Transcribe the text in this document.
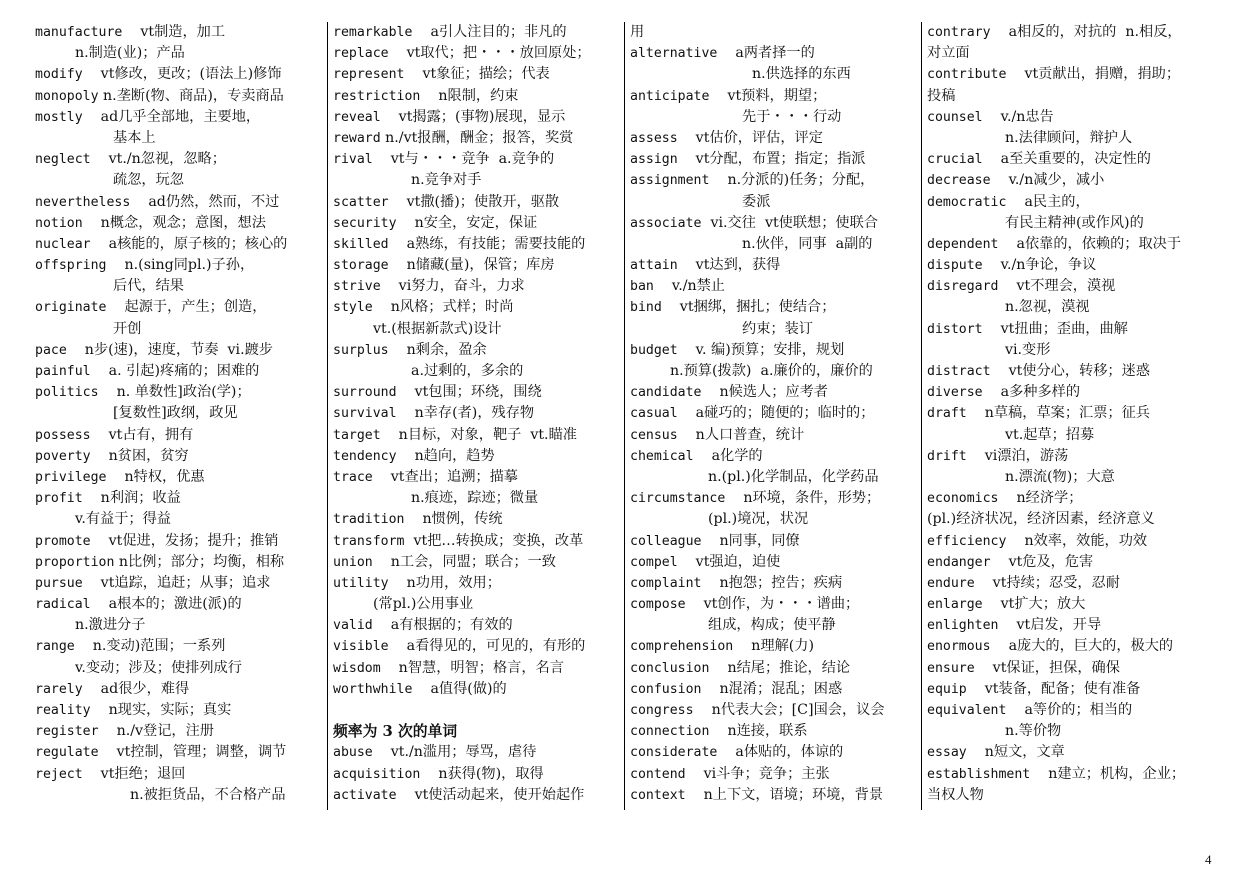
manufacture    vt制造，加工
n.制造(业)；产品
modify    vt修改，更改；(语法上)修饰
monopoly n.垄断(物、商品)，专卖商品
mostly    ad几乎全部地，主要地，
基本上
neglect    vt./n忽视，忽略；
疏忽，玩忽
nevertheless    ad仍然，然而，不过
notion    n概念，观念；意图，想法
nuclear    a核能的，原子核的；核心的
offspring    n.(sing同pl.)子孙，
后代，结果
originate    起源于，产生；创造，
开创
pace    n步(速)，速度，节奏  vi.踱步
painful    a. 引起)疼痛的；困难的
politics    n. 单数性]政治(学)；
[复数性]政纲，政见
possess    vt占有，拥有
poverty    n贫困，贫穷
privilege    n特权，优惠
profit    n利润；收益
v.有益于；得益
promote    vt促进，发扬；提升；推销
proportion n比例；部分；均衡，相称
pursue    vt追踪，追赶；从事；追求
radical    a根本的；激进(派)的
n.激进分子
range    n.变动)范围；一系列
v.变动；涉及；使排列成行
rarely    ad很少，难得
reality    n现实，实际；真实
register    n./v登记，注册
regulate    vt控制，管理；调整，调节
reject    vt拒绝；退回
n.被拒货品，不合格产品
remarkable    a引人注目的；非凡的
replace    vt取代；把・・・放回原处；
represent    vt象征；描绘；代表
restriction    n限制，约束
reveal    vt揭露；(事物)展现，显示
reward n./vt报酬，酬金；报答，奖赏
rival    vt与・・・竞争  a.竞争的
n.竞争对手
scatter    vt撒(播)；使散开，驱散
security    n安全，安定，保证
skilled    a熟练，有技能；需要技能的
storage    n储藏(量)，保管；库房
strive    vi努力，奋斗，力求
style    n风格；式样；时尚
vt.(根据新款式)设计
surplus    n剩余，盈余
a.过剩的，多余的
surround    vt包围；环绕，围绕
survival    n幸存(者)，残存物
target    n目标，对象，靶子  vt.瞄准
tendency    n趋向，趋势
trace    vt查出；追溯；描摹
n.痕迹，踪迹；微量
tradition    n惯例，传统
transform  vt把…转换成；变换，改革
union    n工会，同盟；联合；一致
utility    n功用，效用；
(常pl.)公用事业
valid    a有根据的；有效的
visible    a看得见的，可见的，有形的
wisdom    n智慧，明智；格言，名言
worthwhile    a值得(做)的
频率为 3 次的单词
abuse    vt./n滥用；辱骂，虐待
acquisition    n获得(物)，取得
activate    vt使活动起来，使开始起作
用
alternative    a两者择一的
n.供选择的东西
anticipate    vt预料，期望；
先于・・・行动
assess    vt估价，评估，评定
assign    vt分配，布置；指定；指派
assignment    n.分派的)任务；分配，
委派
associate  vi.交往  vt使联想；使联合
n.伙伴，同事  a副的
attain    vt达到，获得
ban    v./n禁止
bind    vt捆绑，捆扎；使结合；
约束；装订
budget    v. 编)预算；安排，规划
n.预算(拨款)  a.廉价的，廉价的
candidate    n候选人；应考者
casual    a碰巧的；随便的；临时的；
census    n人口普查，统计
chemical    a化学的
n.(pl.)化学制品，化学药品
circumstance    n环境，条件，形势；
(pl.)境况，状况
colleague    n同事，同僚
compel    vt强迫，迫使
complaint    n抱怨；控告；疾病
compose    vt创作，为・・・谱曲；
组成，构成；使平静
comprehension    n理解(力)
conclusion    n结尾；推论，结论
confusion    n混淆；混乱；困惑
congress    n代表大会；[C]国会，议会
connection    n连接，联系
considerate    a体贴的，体谅的
contend    vi斗争；竞争；主张
context    n上下文，语境；环境，背景
contrary    a相反的，对抗的  n.相反，
对立面
contribute    vt贡献出，捐赠，捐助；
投稿
counsel    v./n忠告
n.法律顾问，辩护人
crucial    a至关重要的，决定性的
decrease    v./n减少，减小
democratic    a民主的，
有民主精神(或作风)的
dependent    a依靠的，依赖的；取决于
dispute    v./n争论，争议
disregard    vt不理会，漠视
n.忽视，漠视
distort    vt扭曲；歪曲，曲解
vi.变形
distract    vt使分心，转移；迷惑
diverse    a多种多样的
draft    n草稿，草案；汇票；征兵
vt.起草；招募
drift    vi漂泊，游荡
n.漂流(物)；大意
economics    n经济学；
(pl.)经济状况，经济因素，经济意义
efficiency    n效率，效能，功效
endanger    vt危及，危害
endure    vt持续；忍受，忍耐
enlarge    vt扩大；放大
enlighten    vt启发，开导
enormous    a庞大的，巨大的，极大的
ensure    vt保证，担保，确保
equip    vt装备，配备；使有准备
equivalent    a等价的；相当的
n.等价物
essay    n短文，文章
establishment    n建立；机构，企业；
当权人物
4
